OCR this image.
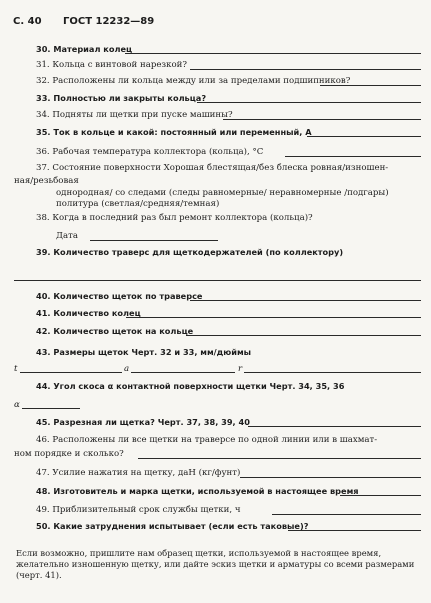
С. 40 ГОСТ 12232—89
30. Материал колец
31. Кольца с винтовой нарезкой?
32. Расположены ли кольца между или за пределами подшипников?
33. Полностью ли закрыты кольца?
34. Подняты ли щетки при пуске машины?
35. Ток в кольце и какой: постоянный или переменный, А
36. Рабочая температура коллектора (кольца), °С
37. Состояние поверхности Хорошая блестящая/без блеска ровная/изношен-
ная/резьбовая
однородная/ со следами (следы равномерные/ неравномерные /подгары)
политура (светлая/средняя/темная)
38. Когда в последний раз был ремонт коллектора (кольца)?
Дата
39. Количество траверс для щеткодержателей (по коллектору)
40. Количество щеток по траверсе
41. Количество колец
42. Количество щеток на кольце
43. Размеры щеток Черт. 32 и 33, мм/дюймы
t	a	r
44. Угол скоса α контактной поверхности щетки Черт. 34, 35, 36
α
45. Разрезная ли щетка? Черт. 37, 38, 39, 40
46. Расположены ли все щетки на траверсе по одной линии или в шахмат-
ном порядке и сколько?
47. Усилие нажатия на щетку, даН (кг/фунт)
48. Изготовитель и марка щетки, используемой в настоящее время
49. Приблизительный срок службы щетки, ч
50. Какие затруднения испытывает (если есть таковые)?
Если возможно, пришлите нам образец щетки, используемой в настоящее время, желательно изношенную щетку, или дайте эскиз щетки и арматуры со всеми размерами (черт. 41).
